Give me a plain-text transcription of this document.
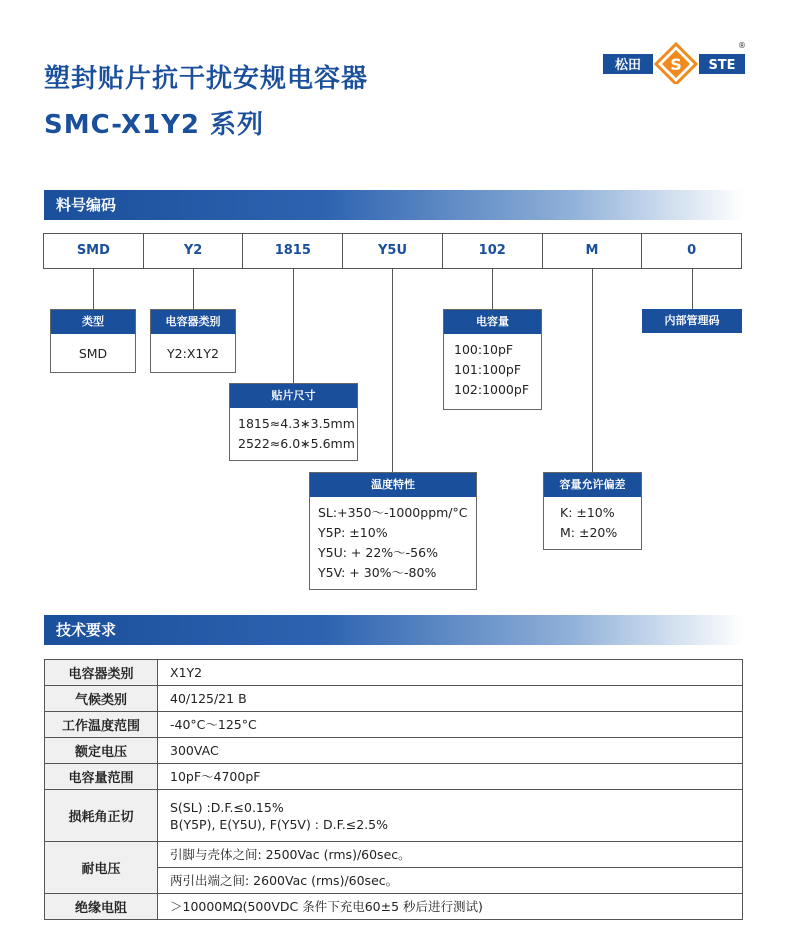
塑封贴片抗干扰安规电容器
SMC-X1Y2 系列
松田 S STE
®
料号编码
SMD	Y2	1815	Y5U	102	M	0
类型
SMD
电容器类别
Y2:X1Y2
贴片尺寸
1815≈4.3∗3.5mm
2522≈6.0∗5.6mm
温度特性
SL:+350～-1000ppm/°C
Y5P: ±10%
Y5U: + 22%～-56%
Y5V: + 30%～-80%
电容量
100:10pF
101:100pF
102:1000pF
容量允许偏差
K: ±10%
M: ±20%
内部管理码
技术要求
电容器类别	X1Y2
气候类别	40/125/21 B
工作温度范围	-40°C～125°C
额定电压	300VAC
电容量范围	10pF～4700pF
损耗角正切	S(SL) :D.F.≤0.15%
B(Y5P), E(Y5U), F(Y5V) : D.F.≤2.5%

耐电压	引脚与壳体之间: 2500Vac (rms)/60sec。
	两引出端之间: 2600Vac (rms)/60sec。
绝缘电阻	＞10000MΩ(500VDC 条件下充电60±5 秒后进行测试)
